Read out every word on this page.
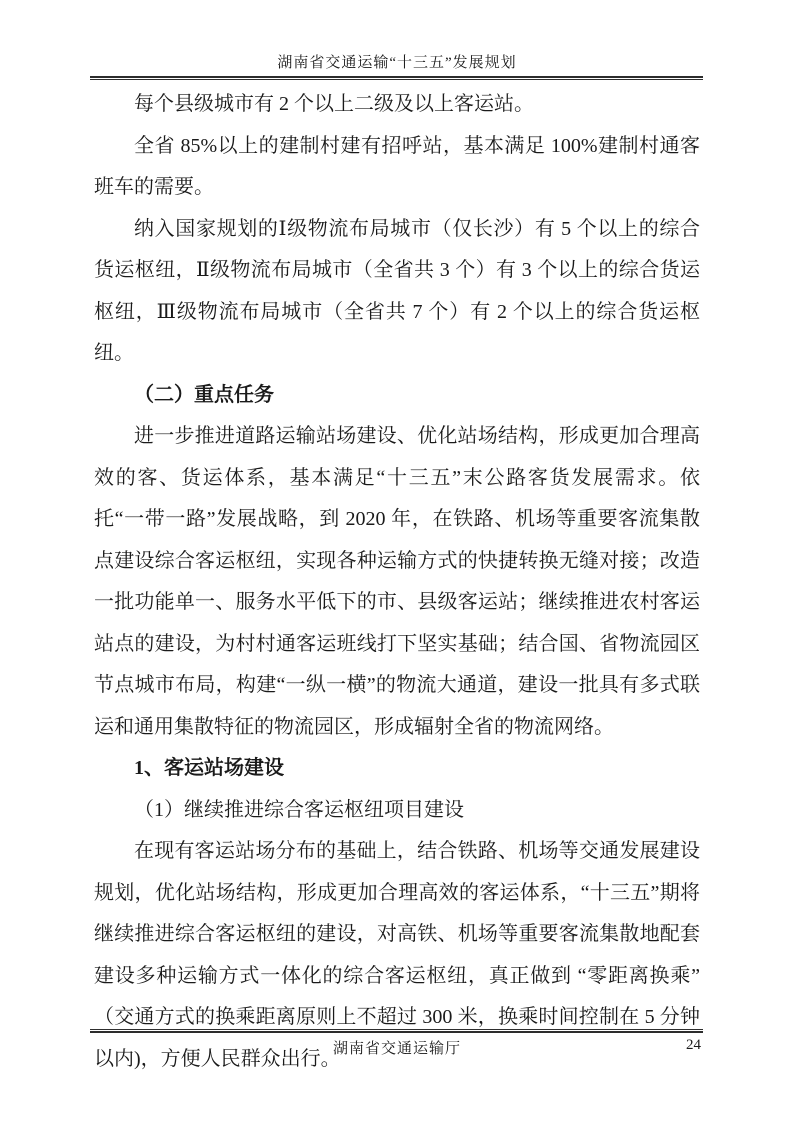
湖南省交通运输“十三五”发展规划

每个县级城市有 2 个以上二级及以上客运站。

全省 85%以上的建制村建有招呼站，基本满足 100%建制村通客班车的需要。

纳入国家规划的Ⅰ级物流布局城市（仅长沙）有 5 个以上的综合货运枢纽，Ⅱ级物流布局城市（全省共 3 个）有 3 个以上的综合货运枢纽，Ⅲ级物流布局城市（全省共 7 个）有 2 个以上的综合货运枢纽。

（二）重点任务

进一步推进道路运输站场建设、优化站场结构，形成更加合理高效的客、货运体系，基本满足“十三五”末公路客货发展需求。依托“一带一路”发展战略，到 2020 年，在铁路、机场等重要客流集散点建设综合客运枢纽，实现各种运输方式的快捷转换无缝对接；改造一批功能单一、服务水平低下的市、县级客运站；继续推进农村客运站点的建设，为村村通客运班线打下坚实基础；结合国、省物流园区节点城市布局，构建“一纵一横”的物流大通道，建设一批具有多式联运和通用集散特征的物流园区，形成辐射全省的物流网络。

1、客运站场建设

（1）继续推进综合客运枢纽项目建设

在现有客运站场分布的基础上，结合铁路、机场等交通发展建设规划，优化站场结构，形成更加合理高效的客运体系，“十三五”期将继续推进综合客运枢纽的建设，对高铁、机场等重要客流集散地配套建设多种运输方式一体化的综合客运枢纽，真正做到 “零距离换乘” （交通方式的换乘距离原则上不超过 300 米，换乘时间控制在 5 分钟以内)，方便人民群众出行。

湖南省交通运输厅	24
